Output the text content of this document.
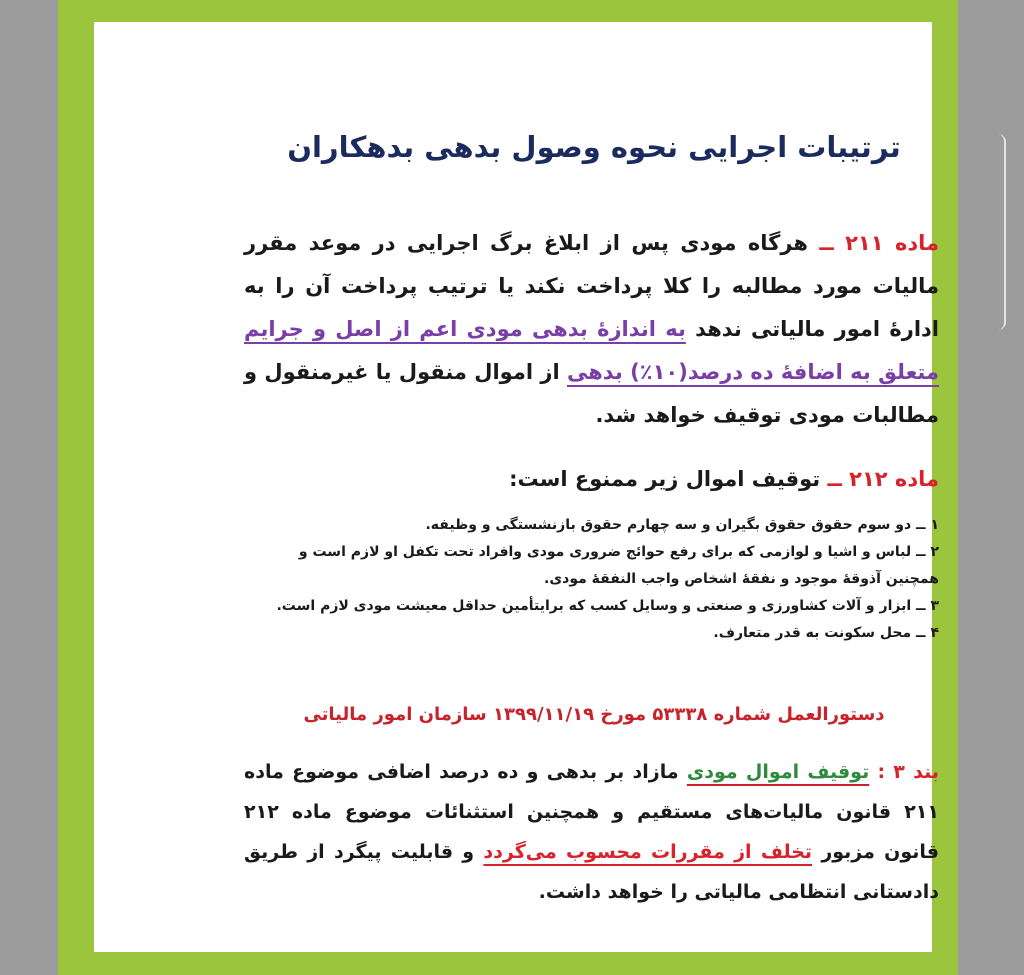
ترتیبات اجرایی نحوه وصول بدهی بدهکاران
ماده ۲۱۱ ــ هرگاه مودی پس از ابلاغ برگ اجرایی در موعد مقرر مالیات مورد مطالبه را کلا پرداخت نکند یا ترتیب پرداخت آن را به ادارهٔ امور مالیاتی ندهد به اندازهٔ بدهی مودی اعم از اصل و جرایم متعلق به اضافهٔ ده درصد(۱۰٪) بدهی از اموال منقول یا غیرمنقول و مطالبات مودی توقیف خواهد شد.
ماده ۲۱۲ ــ توقیف اموال زیر ممنوع است:

۱ ــ دو سوم حقوق حقوق بگیران و سه چهارم حقوق بازنشستگی و وظیفه.

۲ ــ لباس و اشیا و لوازمی که برای رفع حوائج ضروری مودی وافراد تحت تکفل او لازم است و همچنین آذوقهٔ موجود و نفقهٔ اشخاص واجب النفقهٔ مودی.

۳ ــ ابزار و آلات کشاورزی و صنعتی و وسایل کسب که برایتأمین حداقل معیشت مودی لازم است.

۴ ــ محل سکونت به قدر متعارف.

دستورالعمل شماره ۵۳۳۳۸ مورخ ۱۳۹۹/۱۱/۱۹ سازمان امور مالیاتی
بند ۳ : توقیف اموال مودی مازاد بر بدهی و ده درصد اضافی موضوع ماده ۲۱۱ قانون مالیات‌های مستقیم و همچنین استثنائات موضوع ماده ۲۱۲ قانون مزبور تخلف از مقررات محسوب می‌گردد و قابلیت پیگرد از طریق دادستانی انتظامی مالیاتی را خواهد داشت.
